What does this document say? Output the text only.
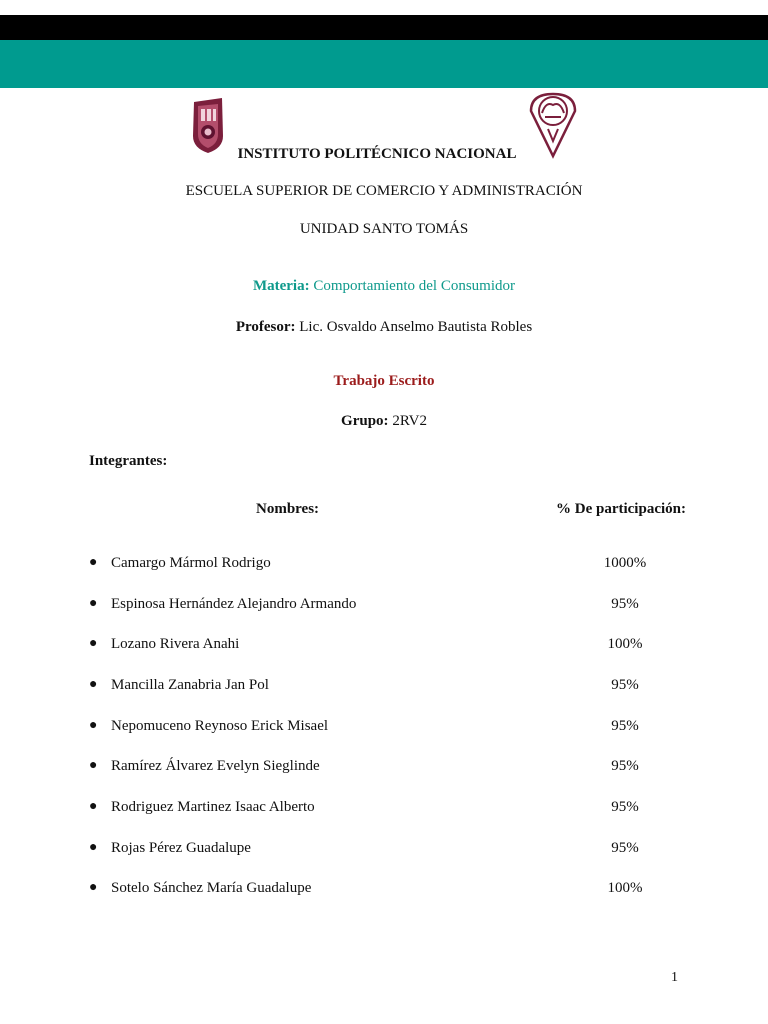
INSTITUTO POLITÉCNICO NACIONAL
ESCUELA SUPERIOR DE COMERCIO Y ADMINISTRACIÓN
UNIDAD SANTO TOMÁS
Materia: Comportamiento del Consumidor
Profesor: Lic. Osvaldo Anselmo Bautista Robles
Trabajo Escrito
Grupo: 2RV2
Integrantes:
Nombres:	% De participación:
● Camargo Mármol Rodrigo	1000%
● Espinosa Hernández Alejandro Armando	95%
● Lozano Rivera Anahi	100%
● Mancilla Zanabria Jan Pol	95%
● Nepomuceno Reynoso Erick Misael	95%
● Ramírez Álvarez Evelyn Sieglinde	95%
● Rodriguez Martinez Isaac Alberto	95%
● Rojas Pérez Guadalupe	95%
● Sotelo Sánchez María Guadalupe	100%
1
